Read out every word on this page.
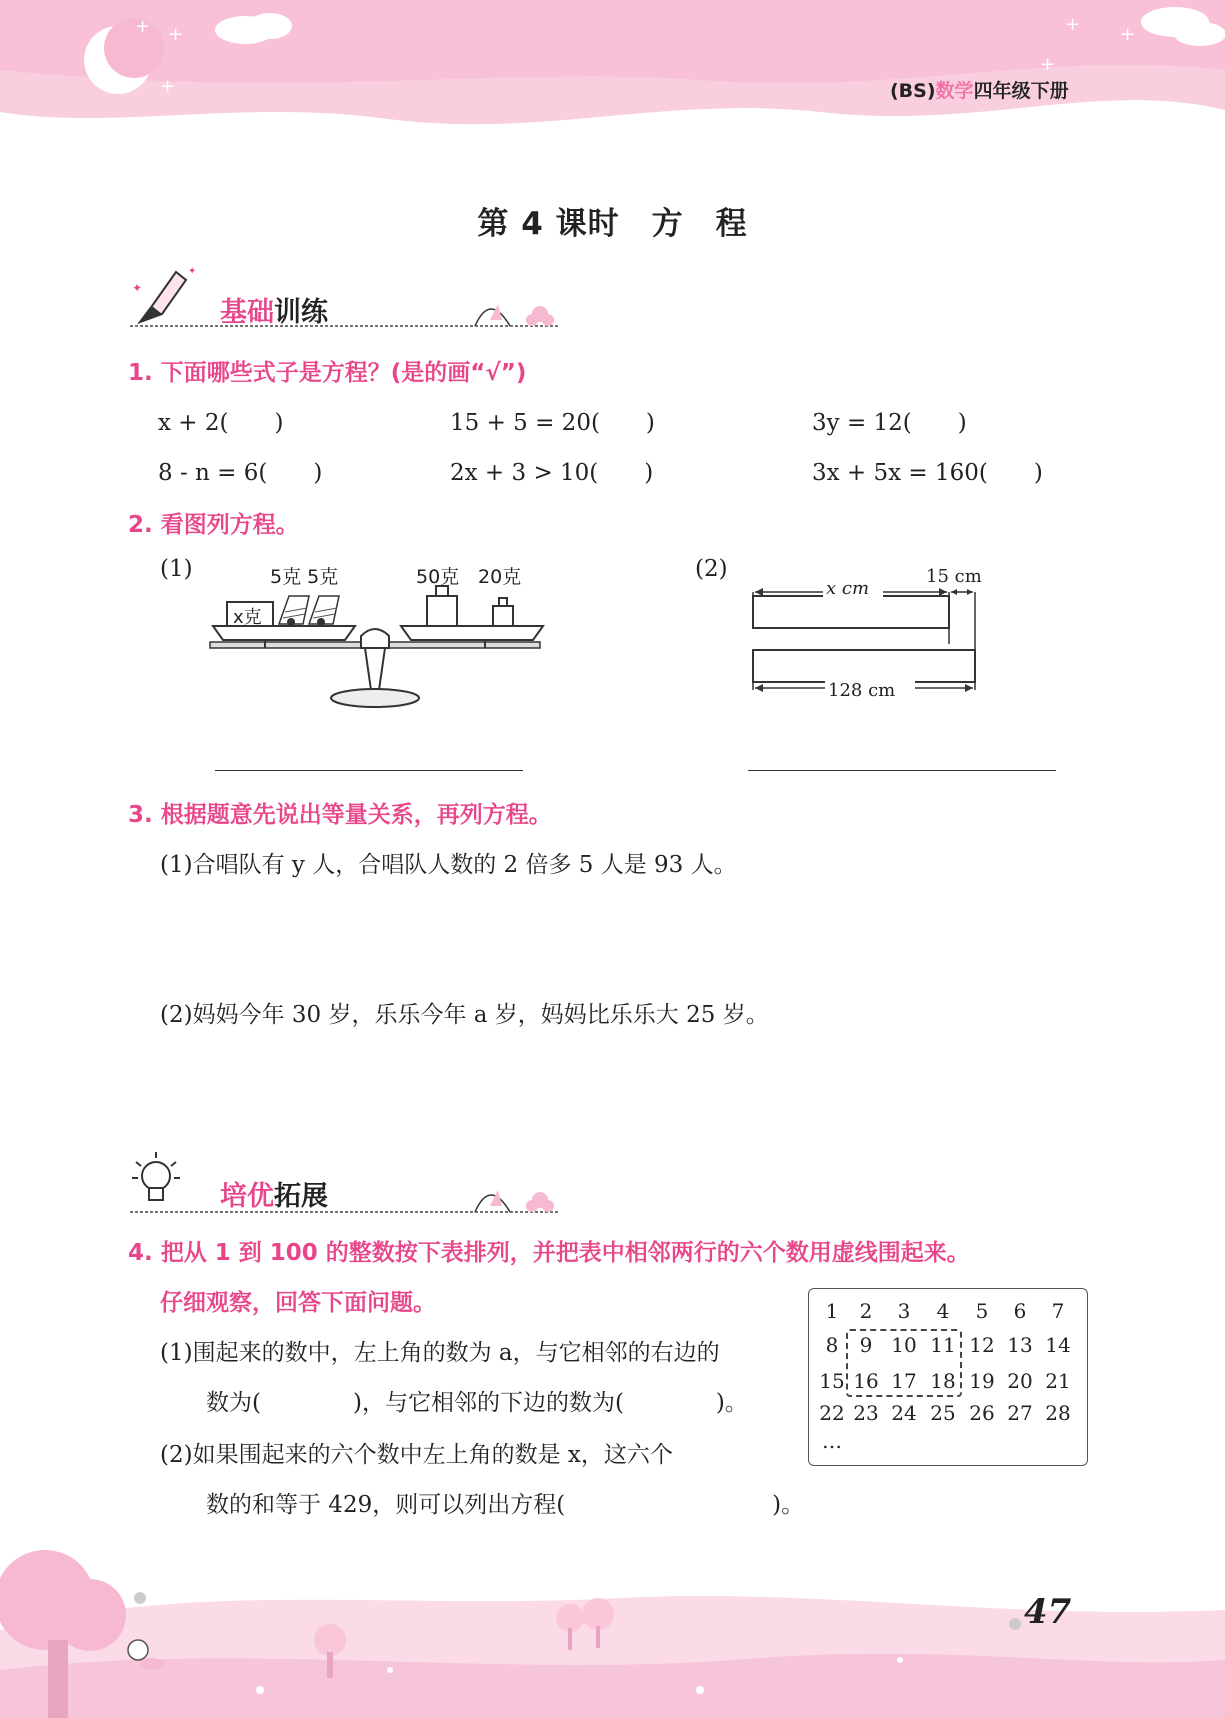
+ +
+
+ +
+
(BS)数学四年级下册
第 4 课时　方　程
✦
✦
基础训练
1. 下面哪些式子是方程？(是的画“√”)
x + 2(　　)	15 + 5 = 20(　　)	3y = 12(　　)
8 - n = 6(　　)	2x + 3 > 10(　　)	3x + 5x = 160(　　)
2. 看图列方程。
(1)	5克 5克
x克
50克 20克	(2)
x cm
15 cm
128 cm
3. 根据题意先说出等量关系，再列方程。
(1)合唱队有 y 人，合唱队人数的 2 倍多 5 人是 93 人。
(2)妈妈今年 30 岁，乐乐今年 a 岁，妈妈比乐乐大 25 岁。
培优拓展
4. 把从 1 到 100 的整数按下表排列，并把表中相邻两行的六个数用虚线围起来。
仔细观察，回答下面问题。
(1)围起来的数中，左上角的数为 a，与它相邻的右边的
数为(　　　　)，与它相邻的下边的数为(　　　　)。
(2)如果围起来的六个数中左上角的数是 x，这六个
数的和等于 429，则可以列出方程(　　　　　　　　　)。
1	2	3	4	5	6	7
8	9 10 11 12 13 14
15 16 17 18 19 20 21
22 23 24 25 26 27 28
…
47
